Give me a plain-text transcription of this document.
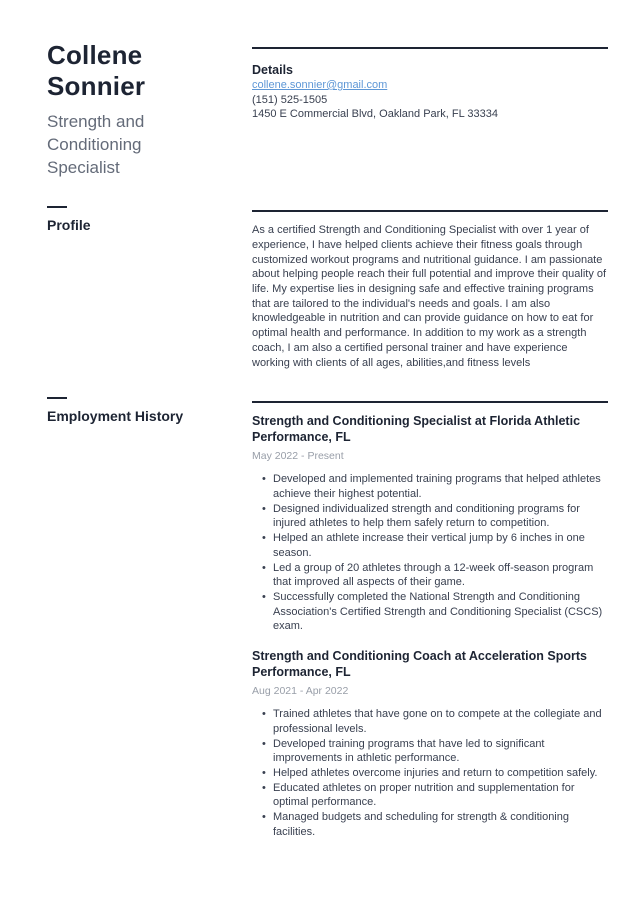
Collene Sonnier
Strength and Conditioning Specialist
Details
collene.sonnier@gmail.com
(151) 525-1505
1450 E Commercial Blvd, Oakland Park, FL 33334
Profile	As a certified Strength and Conditioning Specialist with over 1 year of experience, I have helped clients achieve their fitness goals through customized workout programs and nutritional guidance. I am passionate about helping people reach their full potential and improve their quality of life. My expertise lies in designing safe and effective training programs that are tailored to the individual's needs and goals. I am also knowledgeable in nutrition and can provide guidance on how to eat for optimal health and performance. In addition to my work as a strength coach, I am also a certified personal trainer and have experience working with clients of all ages, abilities,and fitness levels
Employment History	Strength and Conditioning Specialist at Florida Athletic Performance, FL
May 2022 - Present
• Developed and implemented training programs that helped athletes achieve their highest potential.
• Designed individualized strength and conditioning programs for injured athletes to help them safely return to competition.
• Helped an athlete increase their vertical jump by 6 inches in one season.
• Led a group of 20 athletes through a 12-week off-season program that improved all aspects of their game.
• Successfully completed the National Strength and Conditioning Association's Certified Strength and Conditioning Specialist (CSCS) exam.
Strength and Conditioning Coach at Acceleration Sports Performance, FL
Aug 2021 - Apr 2022
• Trained athletes that have gone on to compete at the collegiate and professional levels.
• Developed training programs that have led to significant improvements in athletic performance.
• Helped athletes overcome injuries and return to competition safely.
• Educated athletes on proper nutrition and supplementation for optimal performance.
• Managed budgets and scheduling for strength & conditioning facilities.
